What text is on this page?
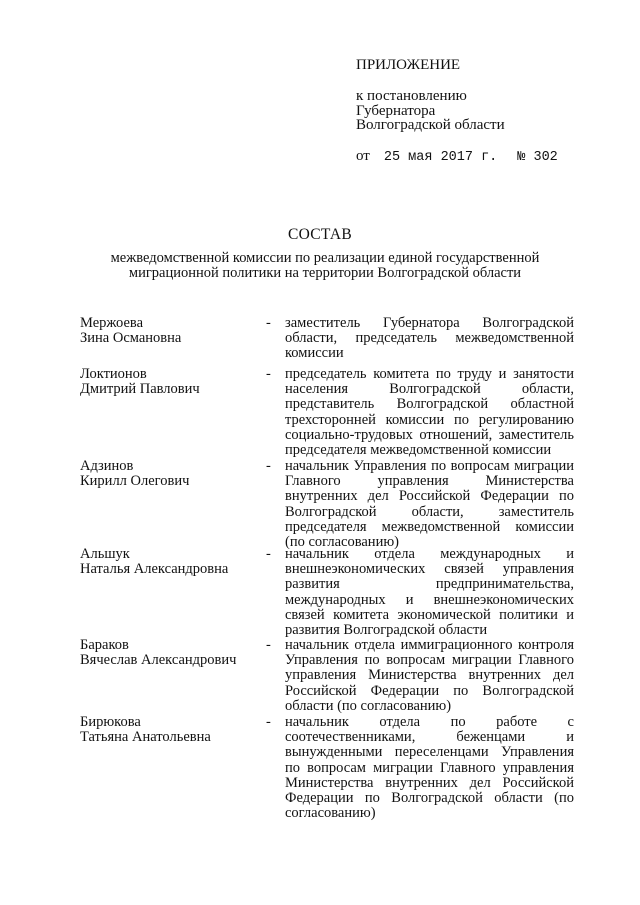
ПРИЛОЖЕНИЕ
к постановлению
Губернатора
Волгоградской области
от 25 мая 2017 г. № 302
СОСТАВ
межведомственной комиссии по реализации единой государственной
миграционной политики на территории Волгоградской области
Мержоева
Зина Османовна
- заместитель Губернатора Волгоградской области, председатель межведомственной комиссии
Локтионов
Дмитрий Павлович
- председатель комитета по труду и занятости населения Волгоградской области, представитель Волгоградской областной трехсторонней комиссии по регулированию социально-трудовых отношений, заместитель председателя межведомственной комиссии
Адзинов
Кирилл Олегович
- начальник Управления по вопросам миграции Главного управления Министерства внутренних дел Российской Федерации по Волгоградской области, заместитель председателя межведомственной комиссии (по согласованию)
Альшук
Наталья Александровна
- начальник отдела международных и внешнеэкономических связей управления развития предпринимательства, международных и внешнеэкономических связей комитета экономической политики и развития Волгоградской области
Бараков
Вячеслав Александрович
- начальник отдела иммиграционного контроля Управления по вопросам миграции Главного управления Министерства внутренних дел Российской Федерации по Волгоградской области (по согласованию)
Бирюкова
Татьяна Анатольевна
- начальник отдела по работе с соотечественниками, беженцами и вынужденными переселенцами Управления по вопросам миграции Главного управления Министерства внутренних дел Российской Федерации по Волгоградской области (по согласованию)
